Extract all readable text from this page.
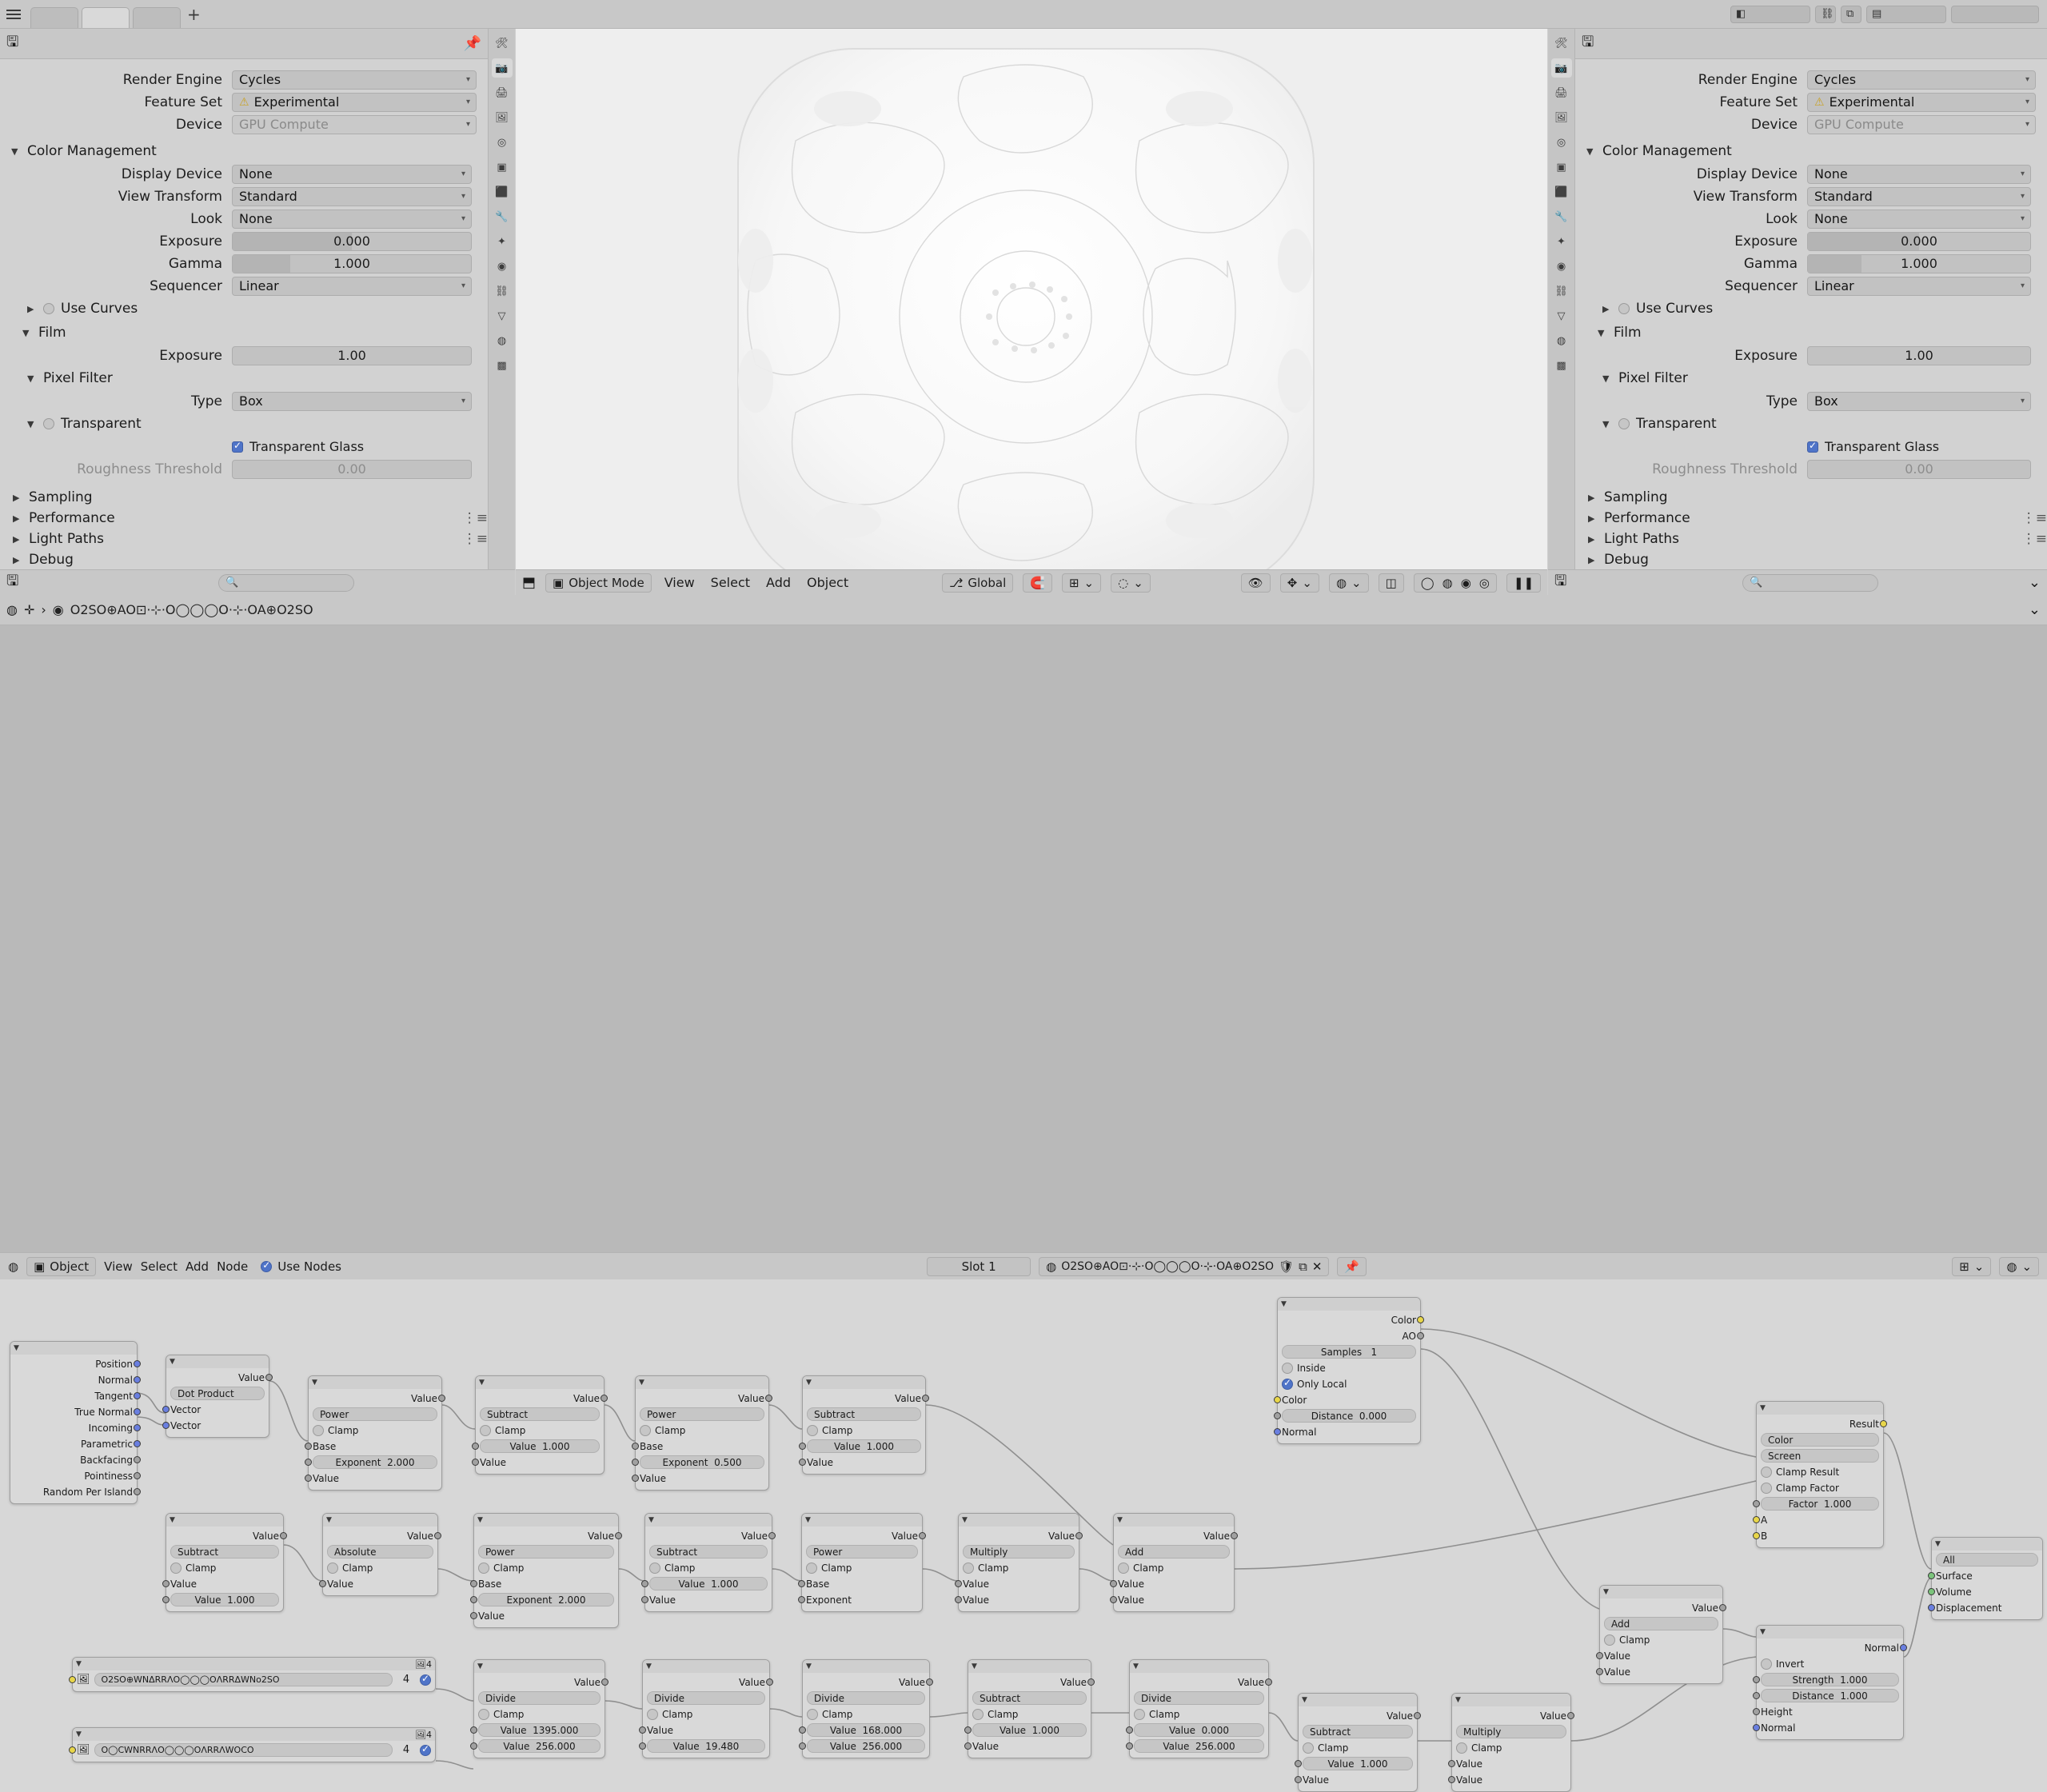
+	◧	⛓	⧉	▤
🖫	📌	🛠
📷
🖨
🖼
◎
▣
⬛
🔧
✦
◉
⛓
▽
◍
▩
Render Engine	Cycles	▾
Feature Set	⚠ Experimental	▾
Device	GPU Compute	▾
▼ Color Management
Display Device	None	▾
View Transform	Standard	▾
Look	None	▾
Exposure	0.000
Gamma	1.000
Sequencer	Linear	▾
▶ Use Curves
▼ Film
Exposure	1.00
▼ Pixel Filter
Type	Box	▾
▼ Transparent
✓
Transparent Glass
Roughness Threshold	0.00
▶ Sampling
▶ Performance	⋮≡
▶ Light Paths	⋮≡
▶ Debug
🖫	🔍	⬒ ▣ Object Mode View Select Add Object	⎇ Global 🧲 ⊞ ⌄	◌ ⌄	👁 ✥ ⌄	◍ ⌄	◫ ◯ ◍ ◉ ◎ ❚❚
🖫
🛠
📷
🖨
🖼
◎
▣
⬛
🔧
✦
◉
⛓
▽
◍
▩
Render Engine	Cycles	▾
Feature Set	⚠ Experimental	▾
Device	GPU Compute	▾
▼ Color Management
Display Device	None	▾
View Transform	Standard	▾
Look	None	▾
Exposure	0.000
Gamma	1.000
Sequencer	Linear	▾
▶ Use Curves
▼ Film
Exposure	1.00
▼ Pixel Filter
Type	Box	▾
▼ Transparent
✓
Transparent Glass
Roughness Threshold	0.00
▶ Sampling
▶ Performance	⋮≡
▶ Light Paths	⋮≡
▶ Debug
🖫	🔍	⌄
◍ ✛ › ◉ O2SO⊕AO⊡·⊹·O◯◯◯O·⊹·OA⊕O2SO	⌄
▼
Position
Normal
Tangent
True Normal
Incoming
Parametric
Backfacing
Pointiness
Random Per Island
▼
Value
Dot Product
Vector
Vector
▼
Value
Power
Clamp
Base
Exponent
2.000
Value
▼
Value
Subtract
Clamp
Value
1.000
Value
▼
Value
Power
Clamp
Base
Exponent
0.500
Value
▼
Value
Subtract
Clamp
Value
1.000
Value
▼
Value
Subtract
Clamp
Value
Value
1.000
▼
Value
Absolute
Clamp
Value
▼
Value
Power
Clamp
Base
Exponent
2.000
Value
▼
Value
Subtract
Clamp
Value
1.000
Value
▼
Value
Power
Clamp
Base
Exponent
▼
Value
Multiply
Clamp
Value
Value
▼
Value
Add
Clamp
Value
Value
▼
Color
AO
Samples
1
Inside
✓
Only Local
Color
Distance
0.000
Normal
▼
Result
Color
Screen
Clamp Result
Clamp Factor
Factor
1.000
A
B
▼
All
Surface
Volume
Displacement
▼
Normal
Invert
Strength
1.000
Distance
1.000
Height
Normal
▼
Value
Add
Clamp
Value
Value
▼	🖼4
🖼	O2SO⊕WNΔRRΛO◯◯◯OΛRRΔWNo2SO	4
✓
▼	🖼4
🖼	O◯CWNRRΛO◯◯◯OΛRRΛWOCO	4
✓
▼
Value
Divide
Clamp
Value
1395.000
Value
256.000
▼
Value
Divide
Clamp
Value
Value
19.480
▼
Value
Divide
Clamp
Value
168.000
Value
256.000
▼
Value
Subtract
Clamp
Value
1.000
Value
▼
Value
Divide
Clamp
Value
0.000
Value
256.000
▼
Value
Subtract
Clamp
Value
1.000
Value
▼
Value
Multiply
Clamp
Value
Value
◍ ▣ Object View Select Add Node ✓ Use Nodes	Slot 1	◍ O2SO⊕AO⊡·⊹·O◯◯◯O·⊹·OA⊕O2SO 🛡 ⧉ ✕ 📌	⊞ ⌄	◍ ⌄
